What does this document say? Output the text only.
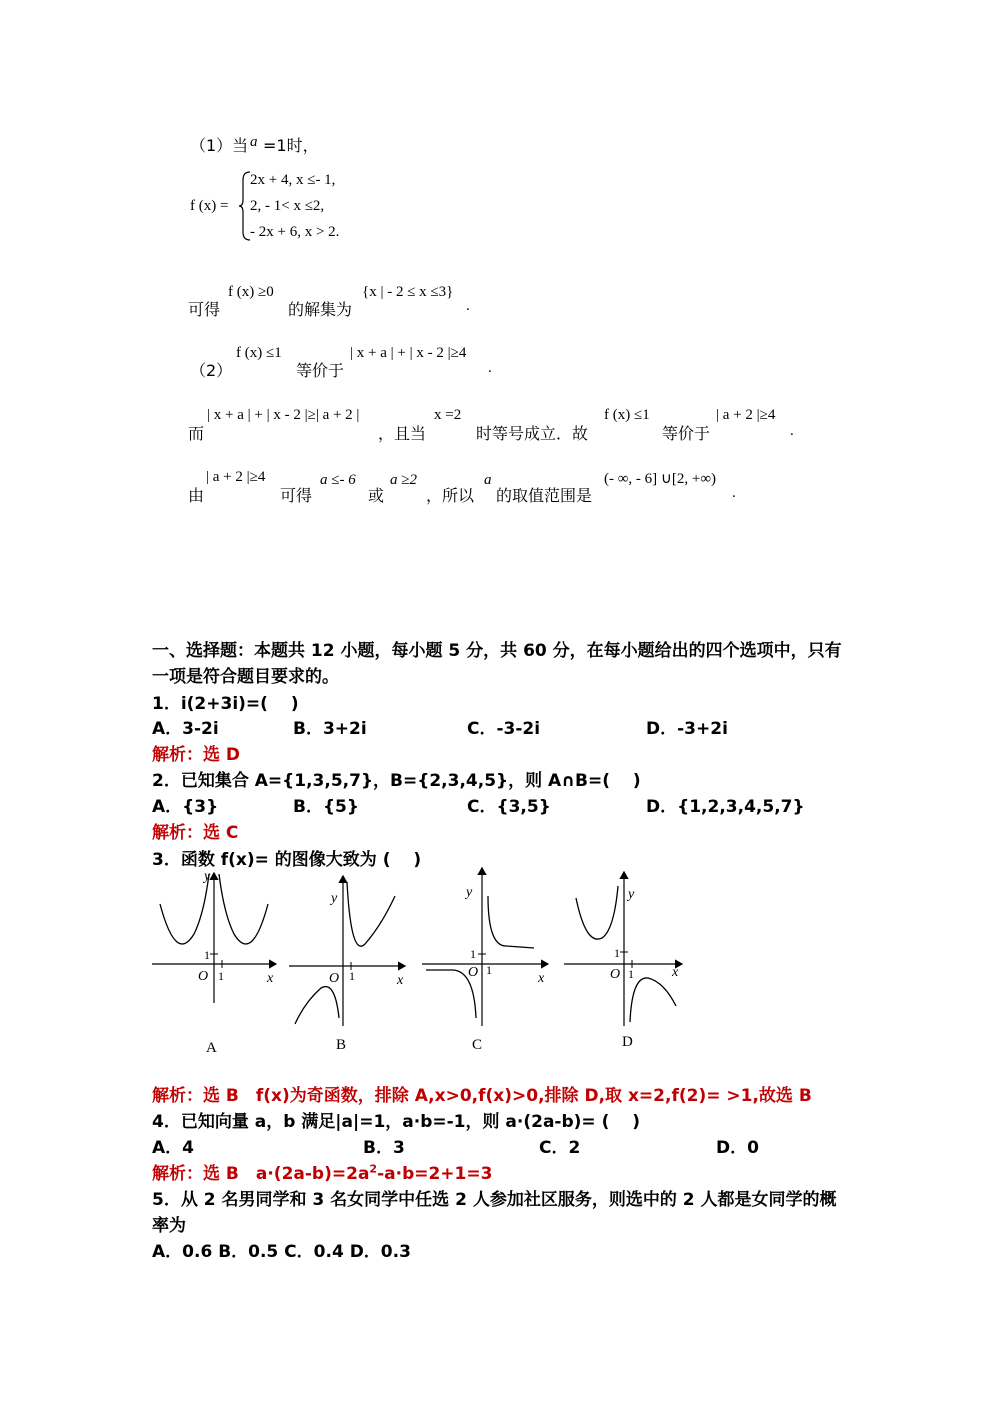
（1）当 a =1时，
f (x) =
2x + 4, x ≤- 1,
2, - 1< x ≤2,
- 2x + 6, x > 2.
可得
f (x) ≥0
的解集为
{x | - 2 ≤ x ≤3}
.
（2）
f (x) ≤1
等价于
| x + a | + | x - 2 |≥4
.
而
| x + a | + | x - 2 |≥| a + 2 |
，且当
x =2
时等号成立．故
f (x) ≤1
等价于
| a + 2 |≥4
.
由
| a + 2 |≥4
可得
a ≤- 6
或
a ≥2
，所以
a
的取值范围是
(- ∞, - 6] ∪[2, +∞)
.
一、选择题：本题共 12 小题，每小题 5 分，共 60 分，在每小题给出的四个选项中，只有
一项是符合题目要求的。
1．i(2+3i)=(　 )
A．3-2i	B．3+2i	C．-3-2i	D．-3+2i
解析：选 D
2．已知集合 A={1,3,5,7}，B={2,3,4,5}，则 A∩B=(　 )
A．{3}	B．{5}	C．{3,5}	D．{1,2,3,4,5,7}
解析：选 C
3．函数 f(x)= 的图像大致为 (　 )
y
x
O
1
1
A
y
x
O 1
B
y
x
O
1
1
C
y
x
O
1
1
D
解析：选 B　f(x)为奇函数，排除 A,x>0,f(x)>0,排除 D,取 x=2,f(2)= >1,故选 B
4．已知向量 a，b 满足|a|=1，a·b=-1，则 a·(2a-b)= (　 )
A．4	B．3	C．2	D．0
解析：选 B　$a\cdot(2a-b)=2a^2-a\cdot b=2+1=3$
5．从 2 名男同学和 3 名女同学中任选 2 人参加社区服务，则选中的 2 人都是女同学的概
率为
A．0.6 B．0.5 C．0.4 D．0.3
